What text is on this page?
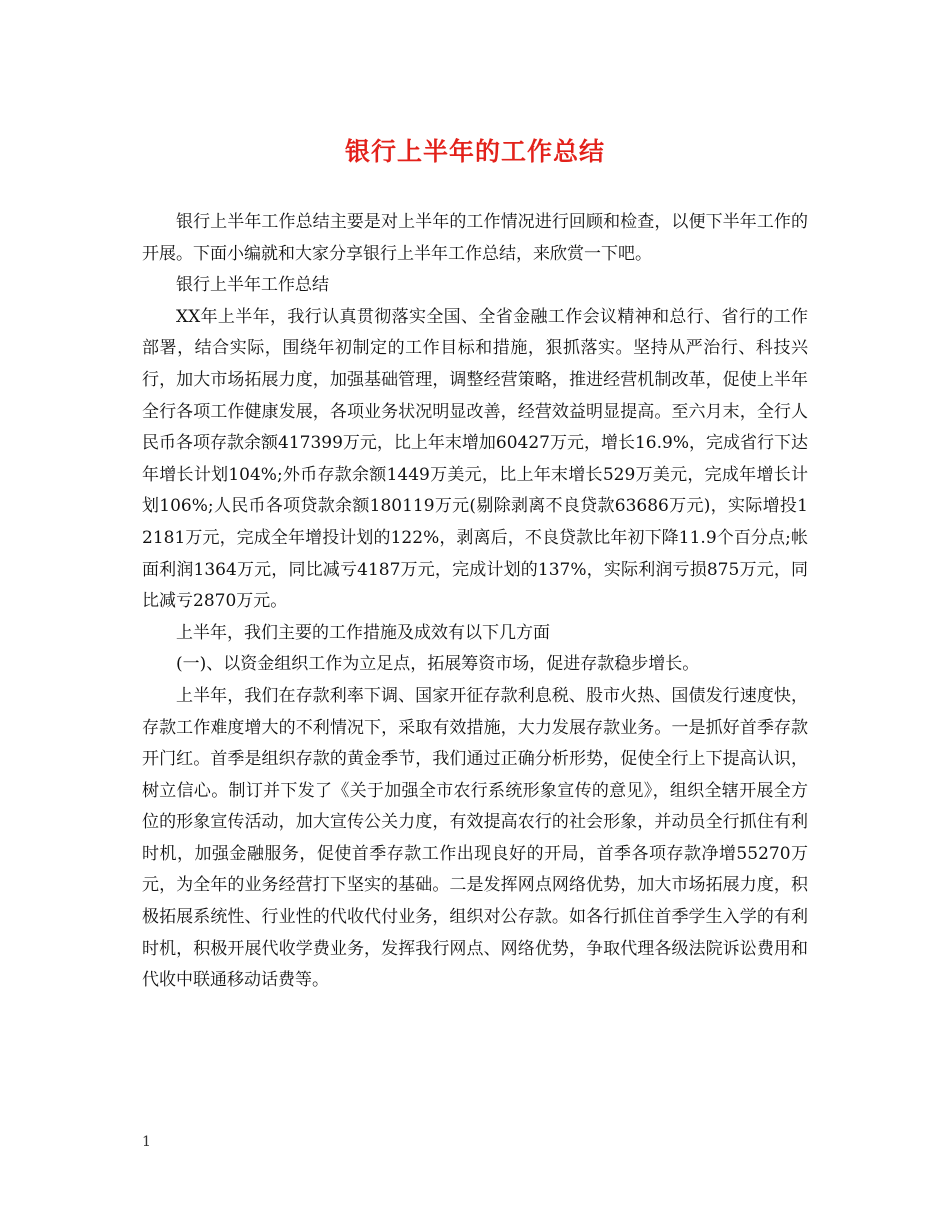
银行上半年的工作总结

银行上半年工作总结主要是对上半年的工作情况进行回顾和检查，以便下半年工作的开展。下面小编就和大家分享银行上半年工作总结，来欣赏一下吧。

银行上半年工作总结

XX年上半年，我行认真贯彻落实全国、全省金融工作会议精神和总行、省行的工作部署，结合实际，围绕年初制定的工作目标和措施，狠抓落实。坚持从严治行、科技兴行，加大市场拓展力度，加强基础管理，调整经营策略，推进经营机制改革，促使上半年全行各项工作健康发展，各项业务状况明显改善，经营效益明显提高。至六月末，全行人民币各项存款余额417399万元，比上年末增加60427万元，增长16.9%，完成省行下达年增长计划104%;外币存款余额1449万美元，比上年末增长529万美元，完成年增长计划106%;人民币各项贷款余额180119万元(剔除剥离不良贷款63686万元)，实际增投12181万元，完成全年增投计划的122%，剥离后，不良贷款比年初下降11.9个百分点;帐面利润1364万元，同比减亏4187万元，完成计划的137%，实际利润亏损875万元，同比减亏2870万元。

上半年，我们主要的工作措施及成效有以下几方面

(一)、以资金组织工作为立足点，拓展筹资市场，促进存款稳步增长。

上半年，我们在存款利率下调、国家开征存款利息税、股市火热、国债发行速度快，存款工作难度增大的不利情况下，采取有效措施，大力发展存款业务。一是抓好首季存款开门红。首季是组织存款的黄金季节，我们通过正确分析形势，促使全行上下提高认识，树立信心。制订并下发了《关于加强全市农行系统形象宣传的意见》，组织全辖开展全方位的形象宣传活动，加大宣传公关力度，有效提高农行的社会形象，并动员全行抓住有利时机，加强金融服务，促使首季存款工作出现良好的开局，首季各项存款净增55270万元，为全年的业务经营打下坚实的基础。二是发挥网点网络优势，加大市场拓展力度，积极拓展系统性、行业性的代收代付业务，组织对公存款。如各行抓住首季学生入学的有利时机，积极开展代收学费业务，发挥我行网点、网络优势，争取代理各级法院诉讼费用和代收中联通移动话费等。

1
